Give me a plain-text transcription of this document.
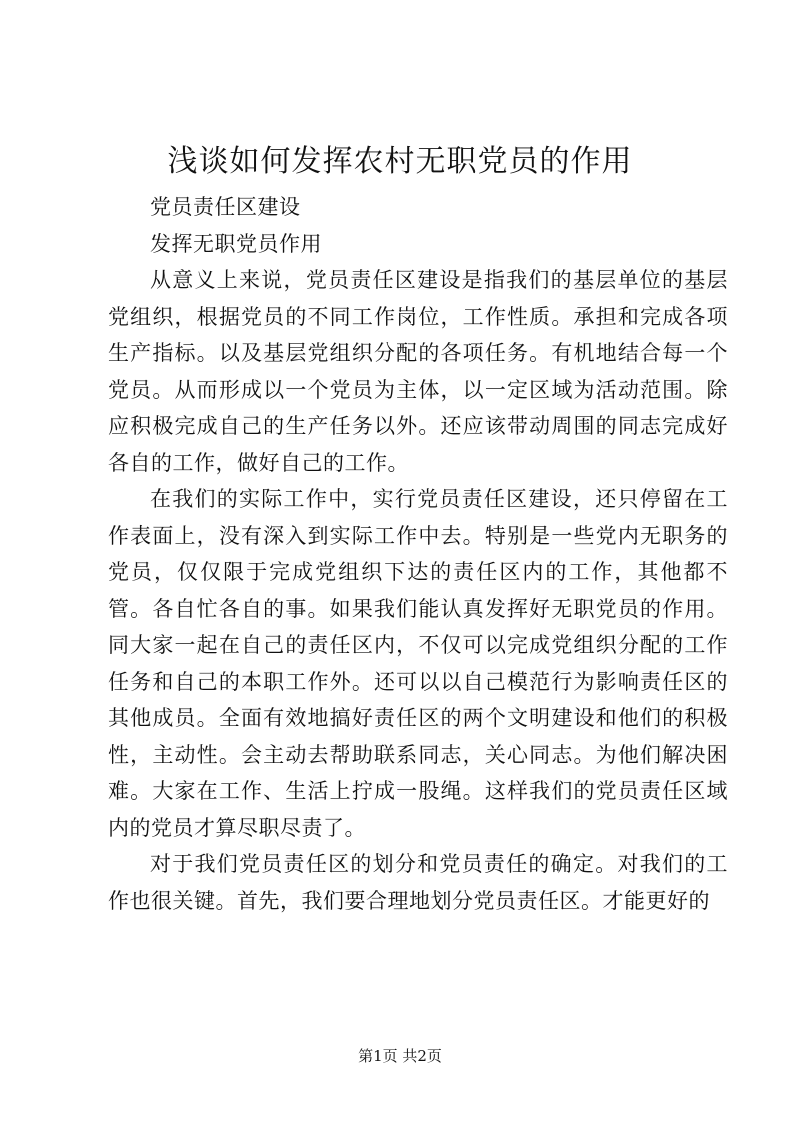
浅谈如何发挥农村无职党员的作用

党员责任区建设

发挥无职党员作用

从意义上来说，党员责任区建设是指我们的基层单位的基层党组织，根据党员的不同工作岗位，工作性质。承担和完成各项生产指标。以及基层党组织分配的各项任务。有机地结合每一个党员。从而形成以一个党员为主体，以一定区域为活动范围。除应积极完成自己的生产任务以外。还应该带动周围的同志完成好各自的工作，做好自己的工作。

在我们的实际工作中，实行党员责任区建设，还只停留在工作表面上，没有深入到实际工作中去。特别是一些党内无职务的党员，仅仅限于完成党组织下达的责任区内的工作，其他都不管。各自忙各自的事。如果我们能认真发挥好无职党员的作用。同大家一起在自己的责任区内，不仅可以完成党组织分配的工作任务和自己的本职工作外。还可以以自己模范行为影响责任区的其他成员。全面有效地搞好责任区的两个文明建设和他们的积极性，主动性。会主动去帮助联系同志，关心同志。为他们解决困难。大家在工作、生活上拧成一股绳。这样我们的党员责任区域内的党员才算尽职尽责了。

对于我们党员责任区的划分和党员责任的确定。对我们的工作也很关键。首先，我们要合理地划分党员责任区。才能更好的

第1页 共2页
